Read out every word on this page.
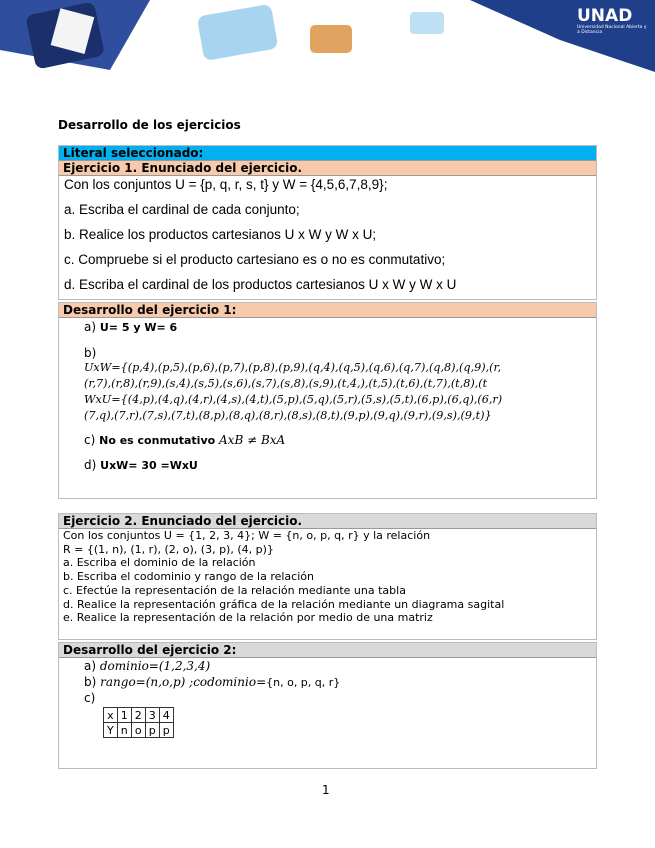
UNAD
Universidad Nacional Abierta y a Distancia
Desarrollo de los ejercicios
Literal seleccionado:
Ejercicio 1. Enunciado del ejercicio.
Con los conjuntos U = {p, q, r, s, t} y W = {4,5,6,7,8,9};
a. Escriba el cardinal de cada conjunto;
b. Realice los productos cartesianos U x W y W x U;
c. Compruebe si el producto cartesiano es o no es conmutativo;
d. Escriba el cardinal de los productos cartesianos U x W y W x U
Desarrollo del ejercicio 1:
a) U= 5 y W= 6
b)
UxW={(p,4),(p,5),(p,6),(p,7),(p,8),(p,9),(q,4),(q,5),(q,6),(q,7),(q,8),(q,9),(r,
(r,7),(r,8),(r,9),(s,4),(s,5),(s,6),(s,7),(s,8),(s,9),(t,4,),(t,5),(t,6),(t,7),(t,8),(t
WxU={(4,p),(4,q),(4,r),(4,s),(4,t),(5,p),(5,q),(5,r),(5,s),(5,t),(6,p),(6,q),(6,r)
(7,q),(7,r),(7,s),(7,t),(8,p),(8,q),(8,r),(8,s),(8,t),(9,p),(9,q),(9,r),(9,s),(9,t)}
c) No es conmutativo AxB ≠ BxA
d) UxW= 30 =WxU
Ejercicio 2. Enunciado del ejercicio.
Con los conjuntos U = {1, 2, 3, 4}; W = {n, o, p, q, r} y la relación
R = {(1, n), (1, r), (2, o), (3, p), (4, p)}
a. Escriba el dominio de la relación
b. Escriba el codominio y rango de la relación
c. Efectúe la representación de la relación mediante una tabla
d. Realice la representación gráfica de la relación mediante un diagrama sagital
e. Realice la representación de la relación por medio de una matriz
Desarrollo del ejercicio 2:
a) dominio=(1,2,3,4)
b) rango=(n,o,p) ;codominio={n, o, p, q, r}
c)
x	1	2	3	4
Y	n	o	p	p
1
